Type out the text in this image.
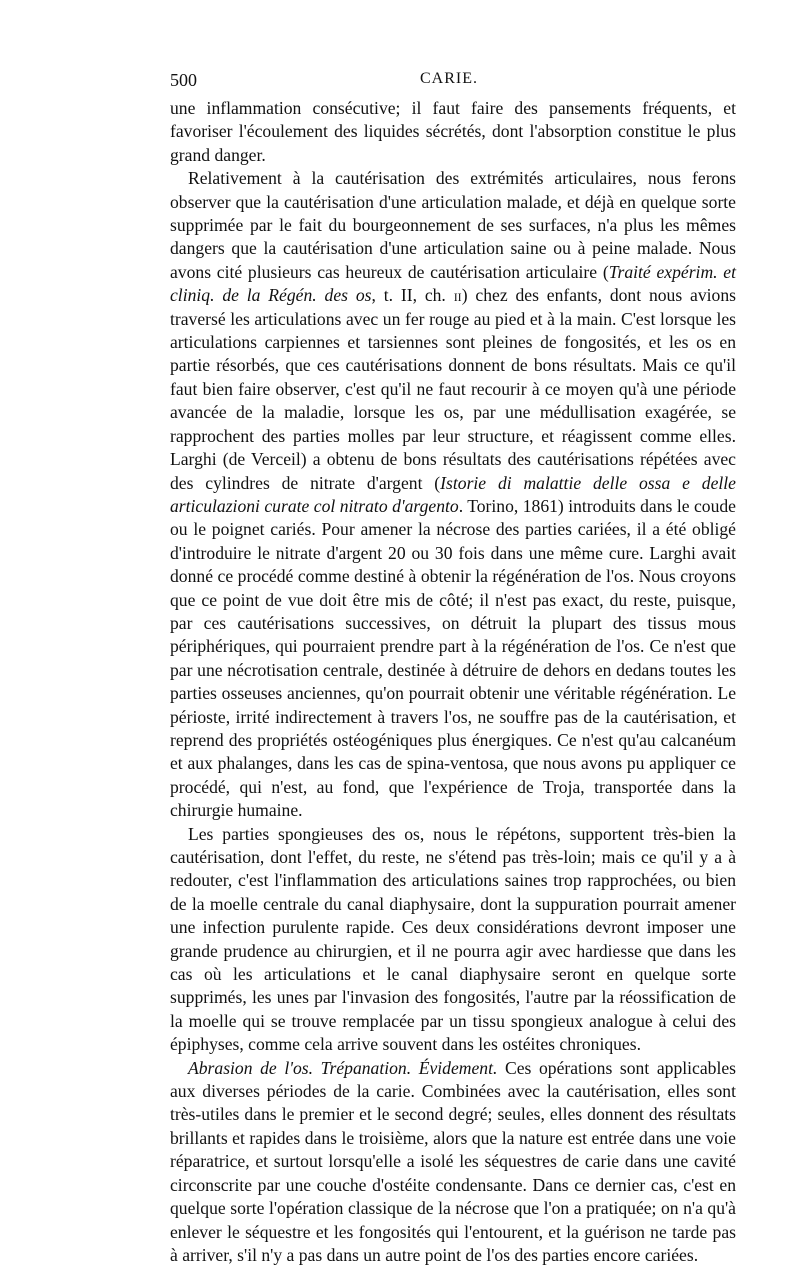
500	CARIE.

une inflammation consécutive; il faut faire des pansements fréquents, et favoriser l'écoulement des liquides sécrétés, dont l'absorption constitue le plus grand danger.

Relativement à la cautérisation des extrémités articulaires, nous ferons observer que la cautérisation d'une articulation malade, et déjà en quelque sorte supprimée par le fait du bourgeonnement de ses surfaces, n'a plus les mêmes dangers que la cautérisation d'une articulation saine ou à peine malade. Nous avons cité plusieurs cas heureux de cautérisation articulaire (Traité expérim. et cliniq. de la Régén. des os, t. II, ch. ii) chez des enfants, dont nous avions traversé les articulations avec un fer rouge au pied et à la main. C'est lorsque les articulations carpiennes et tarsiennes sont pleines de fongosités, et les os en partie résorbés, que ces cautérisations donnent de bons résultats. Mais ce qu'il faut bien faire observer, c'est qu'il ne faut recourir à ce moyen qu'à une période avancée de la maladie, lorsque les os, par une médullisation exagérée, se rapprochent des parties molles par leur structure, et réagissent comme elles. Larghi (de Verceil) a obtenu de bons résultats des cautérisations répétées avec des cylindres de nitrate d'argent (Istorie di malattie delle ossa e delle articulazioni curate col nitrato d'argento. Torino, 1861) introduits dans le coude ou le poignet cariés. Pour amener la nécrose des parties cariées, il a été obligé d'introduire le nitrate d'argent 20 ou 30 fois dans une même cure. Larghi avait donné ce procédé comme destiné à obtenir la régénération de l'os. Nous croyons que ce point de vue doit être mis de côté; il n'est pas exact, du reste, puisque, par ces cautérisations successives, on détruit la plupart des tissus mous périphériques, qui pourraient prendre part à la régénération de l'os. Ce n'est que par une nécrotisation centrale, destinée à détruire de dehors en dedans toutes les parties osseuses anciennes, qu'on pourrait obtenir une véritable régénération. Le périoste, irrité indirectement à travers l'os, ne souffre pas de la cautérisation, et reprend des propriétés ostéogéniques plus énergiques. Ce n'est qu'au calcanéum et aux phalanges, dans les cas de spina-ventosa, que nous avons pu appliquer ce procédé, qui n'est, au fond, que l'expérience de Troja, transportée dans la chirurgie humaine.

Les parties spongieuses des os, nous le répétons, supportent très-bien la cautérisation, dont l'effet, du reste, ne s'étend pas très-loin; mais ce qu'il y a à redouter, c'est l'inflammation des articulations saines trop rapprochées, ou bien de la moelle centrale du canal diaphysaire, dont la suppuration pourrait amener une infection purulente rapide. Ces deux considérations devront imposer une grande prudence au chirurgien, et il ne pourra agir avec hardiesse que dans les cas où les articulations et le canal diaphysaire seront en quelque sorte supprimés, les unes par l'invasion des fongosités, l'autre par la réossification de la moelle qui se trouve remplacée par un tissu spongieux analogue à celui des épiphyses, comme cela arrive souvent dans les ostéites chroniques.

Abrasion de l'os. Trépanation. Évidement. Ces opérations sont applicables aux diverses périodes de la carie. Combinées avec la cautérisation, elles sont très-utiles dans le premier et le second degré; seules, elles donnent des résultats brillants et rapides dans le troisième, alors que la nature est entrée dans une voie réparatrice, et surtout lorsqu'elle a isolé les séquestres de carie dans une cavité circonscrite par une couche d'ostéite condensante. Dans ce dernier cas, c'est en quelque sorte l'opération classique de la nécrose que l'on a pratiquée; on n'a qu'à enlever le séquestre et les fongosités qui l'entourent, et la guérison ne tarde pas à arriver, s'il n'y a pas dans un autre point de l'os des parties encore cariées.
